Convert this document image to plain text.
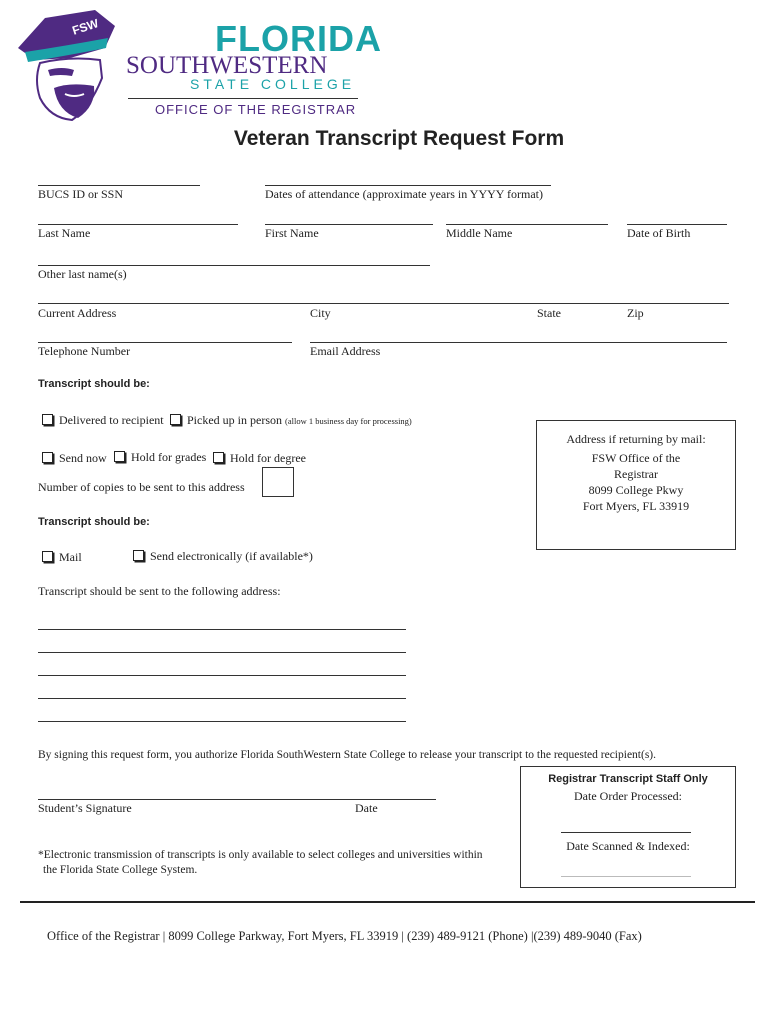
FSW	FLORIDA
SOUTHWESTERN
STATE COLLEGE
OFFICE OF THE REGISTRAR
Veteran Transcript Request Form
BUCS ID or SSN	Dates of attendance (approximate years in YYYY format)
Last Name	First Name	Middle Name	Date of Birth
Other last name(s)
Current Address	City	State	Zip
Telephone Number	Email Address
Transcript should be:
Delivered to recipient	Picked up in person (allow 1 business day for processing)
Send now	Hold for grades	Hold for degree
Number of copies to be sent to this address
Address if returning by mail:
FSW Office of the
Registrar
8099 College Pkwy
Fort Myers, FL 33919
Transcript should be:
Mail	Send electronically (if available*)
Transcript should be sent to the following address:
By signing this request form, you authorize Florida SouthWestern State College to release your transcript to the requested recipient(s).
Student’s Signature	Date
Registrar Transcript Staff Only
Date Order Processed:
Date Scanned & Indexed:
*Electronic transmission of transcripts is only available to select colleges and universities within
the Florida State College System.
Office of the Registrar | 8099 College Parkway, Fort Myers, FL 33919 | (239) 489-9121 (Phone) |(239) 489-9040 (Fax)
